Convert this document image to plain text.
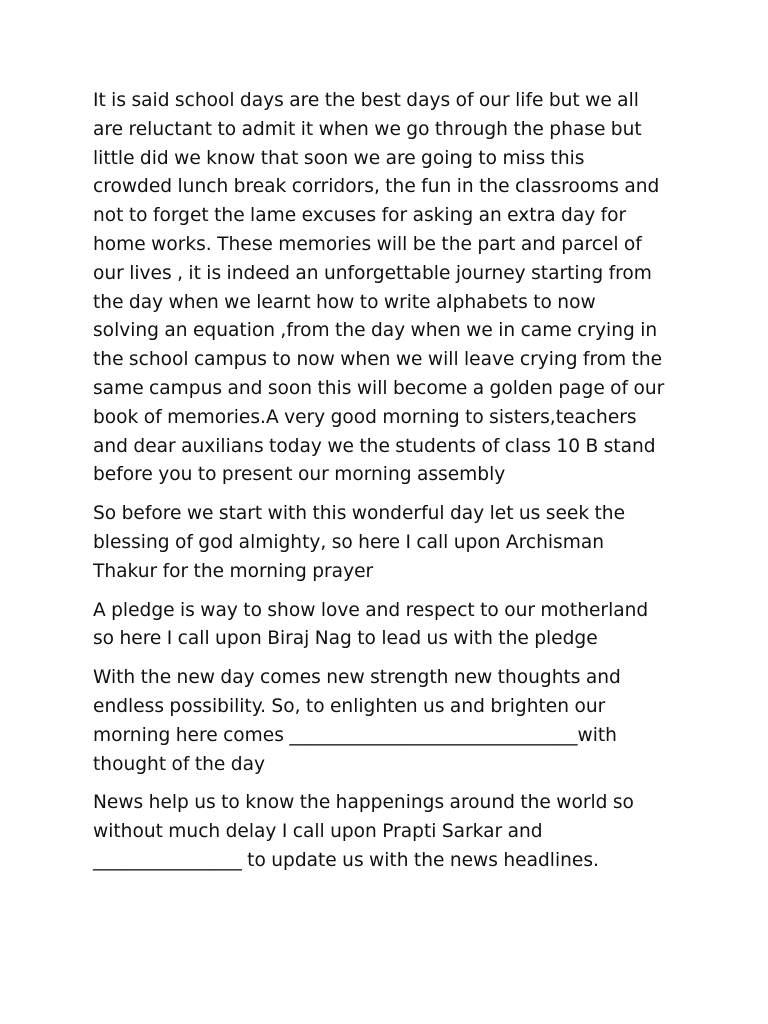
It is said school days are the best days of our life but we all
are reluctant to admit it when we go through the phase but
little did we know that soon we are going to miss this
crowded lunch break corridors, the fun in the classrooms and
not to forget the lame excuses for asking an extra day for
home works. These memories will be the part and parcel of
our lives , it is indeed an unforgettable journey starting from
the day when we learnt how to write alphabets to now
solving an equation ,from the day when we in came crying in
the school campus to now when we will leave crying from the
same campus and soon this will become a golden page of our
book of memories.A very good morning to sisters,teachers
and dear auxilians today we the students of class 10 B stand
before you to present our morning assembly

So before we start with this wonderful day let us seek the
blessing of god almighty, so here I call upon Archisman
Thakur for the morning prayer

A pledge is way to show love and respect to our motherland
so here I call upon Biraj Nag to lead us with the pledge

With the new day comes new strength new thoughts and
endless possibility. So, to enlighten us and brighten our
morning here comes _______________________________with
thought of the day

News help us to know the happenings around the world so
without much delay I call upon Prapti Sarkar and
________________ to update us with the news headlines.
